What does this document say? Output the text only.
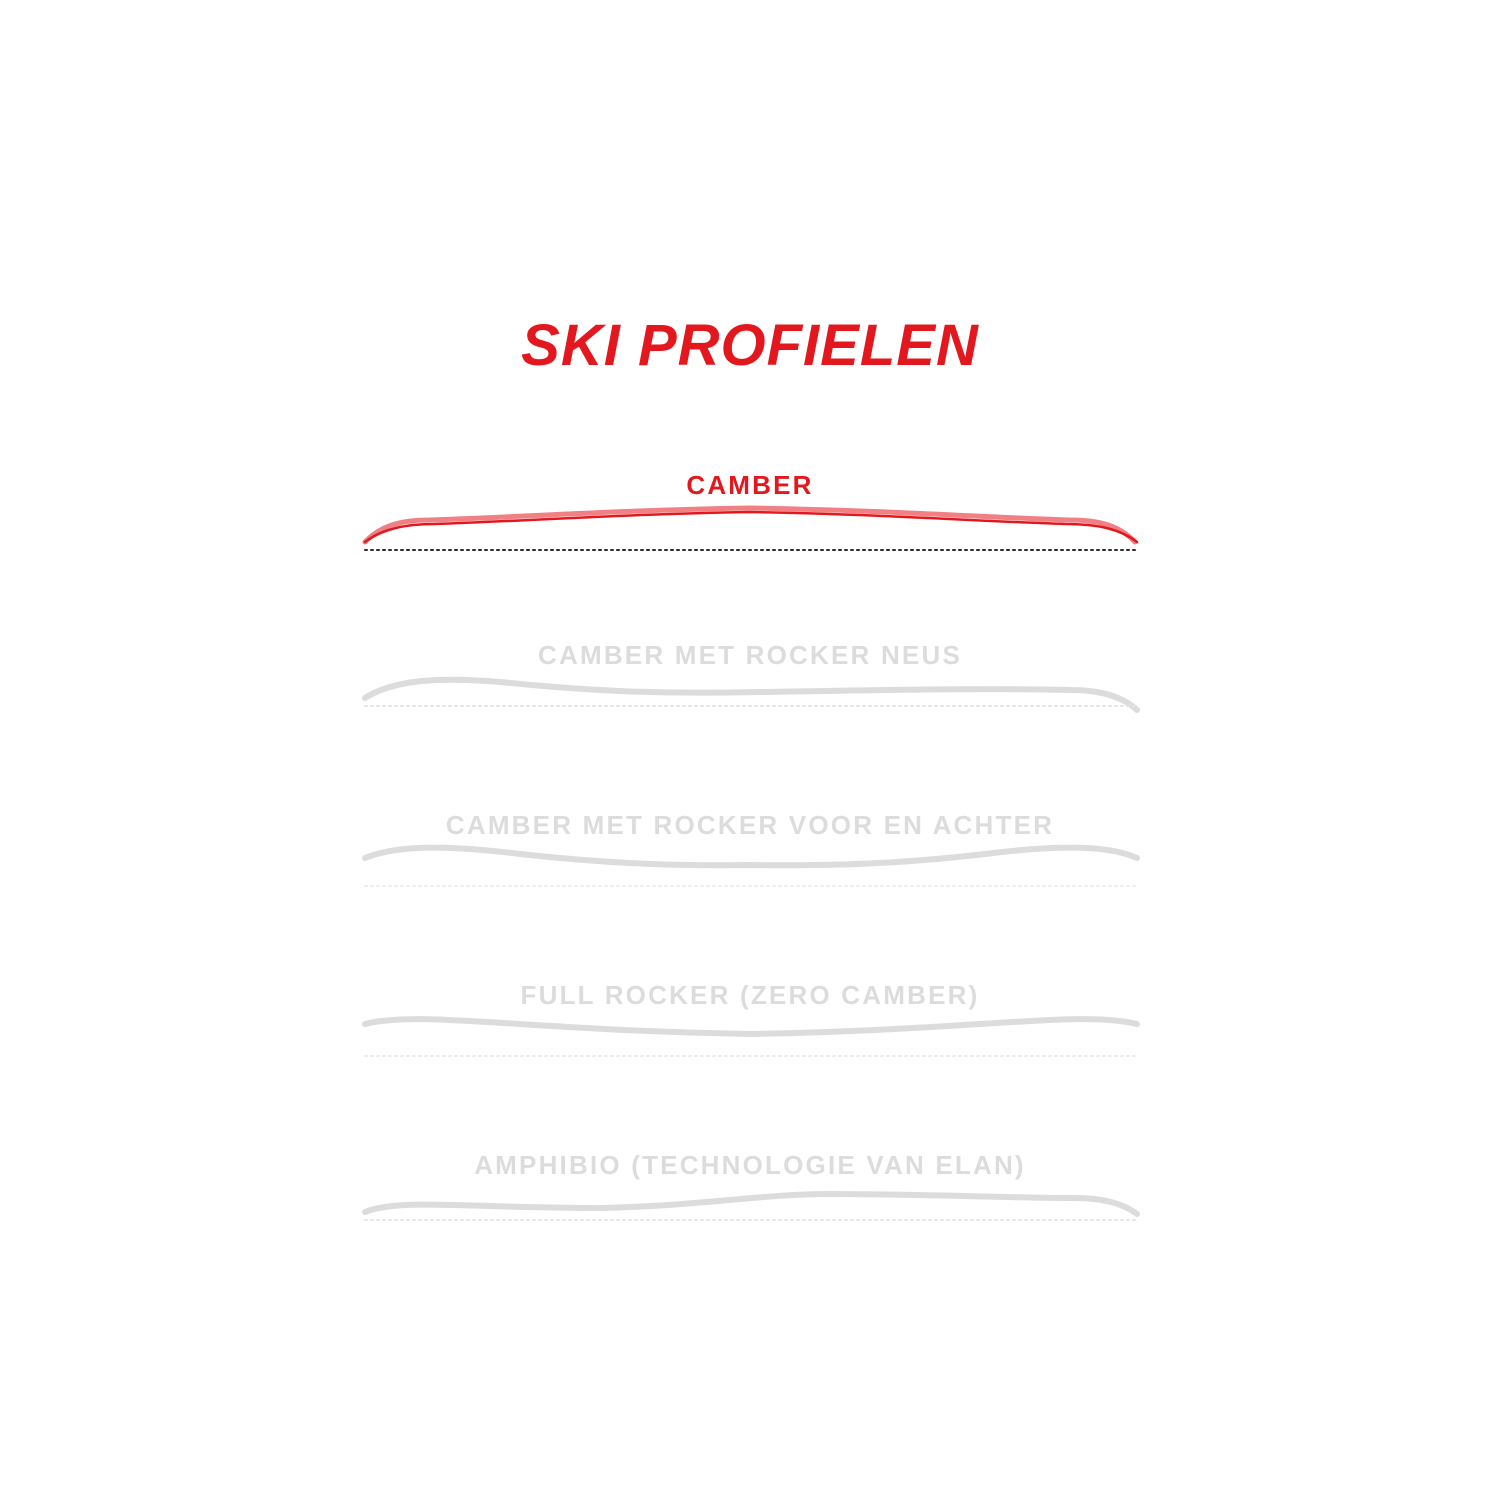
SKI PROFIELEN
CAMBER
CAMBER MET ROCKER NEUS
CAMBER MET ROCKER VOOR EN ACHTER
FULL ROCKER (ZERO CAMBER)
AMPHIBIO (TECHNOLOGIE VAN ELAN)
